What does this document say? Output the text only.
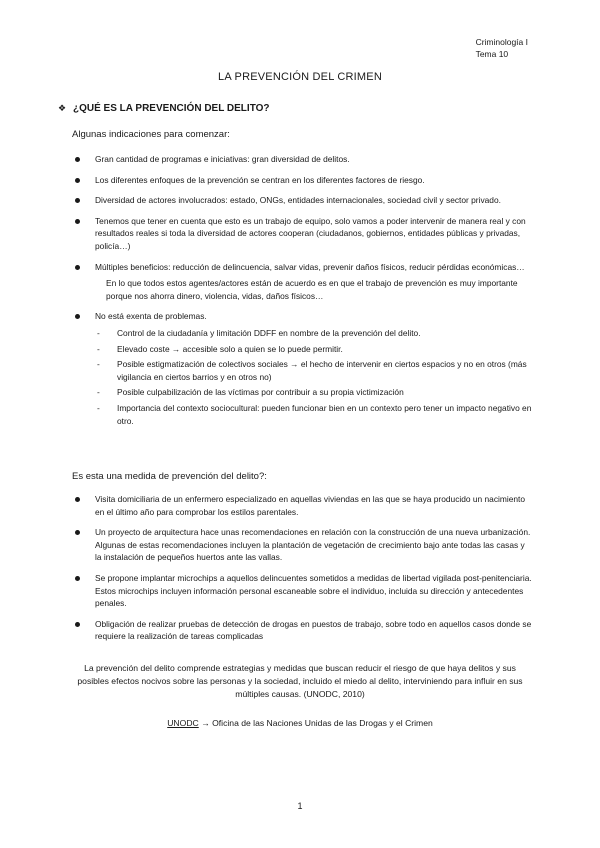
Criminología I
Tema 10
LA PREVENCIÓN DEL CRIMEN
❖ ¿QUÉ ES LA PREVENCIÓN DEL DELITO?
Algunas indicaciones para comenzar:
Gran cantidad de programas e iniciativas: gran diversidad de delitos.
Los diferentes enfoques de la prevención se centran en los diferentes factores de riesgo.
Diversidad de actores involucrados: estado, ONGs, entidades internacionales, sociedad civil y sector privado.
Tenemos que tener en cuenta que esto es un trabajo de equipo, solo vamos a poder intervenir de manera real y con resultados reales si toda la diversidad de actores cooperan (ciudadanos, gobiernos, entidades públicas y privadas, policía…)
Múltiples beneficios: reducción de delincuencia, salvar vidas, prevenir daños físicos, reducir pérdidas económicas…
En lo que todos estos agentes/actores están de acuerdo es en que el trabajo de prevención es muy importante porque nos ahorra dinero, violencia, vidas, daños físicos…
No está exenta de problemas.
- Control de la ciudadanía y limitación DDFF en nombre de la prevención del delito.
- Elevado coste → accesible solo a quien se lo puede permitir.
- Posible estigmatización de colectivos sociales → el hecho de intervenir en ciertos espacios y no en otros (más vigilancia en ciertos barrios y en otros no)
- Posible culpabilización de las víctimas por contribuir a su propia victimización
- Importancia del contexto sociocultural: pueden funcionar bien en un contexto pero tener un impacto negativo en otro.
Es esta una medida de prevención del delito?:
Visita domiciliaria de un enfermero especializado en aquellas viviendas en las que se haya producido un nacimiento en el último año para comprobar los estilos parentales.
Un proyecto de arquitectura hace unas recomendaciones en relación con la construcción de una nueva urbanización. Algunas de estas recomendaciones incluyen la plantación de vegetación de crecimiento bajo ante todas las casas y la instalación de pequeños huertos ante las vallas.
Se propone implantar microchips a aquellos delincuentes sometidos a medidas de libertad vigilada post-penitenciaria. Estos microchips incluyen información personal escaneable sobre el individuo, incluida su dirección y antecedentes penales.
Obligación de realizar pruebas de detección de drogas en puestos de trabajo, sobre todo en aquellos casos donde se requiere la realización de tareas complicadas
La prevención del delito comprende estrategias y medidas que buscan reducir el riesgo de que haya delitos y sus posibles efectos nocivos sobre las personas y la sociedad, incluido el miedo al delito, interviniendo para influir en sus múltiples causas. (UNODC, 2010)
UNODC → Oficina de las Naciones Unidas de las Drogas y el Crimen
1
